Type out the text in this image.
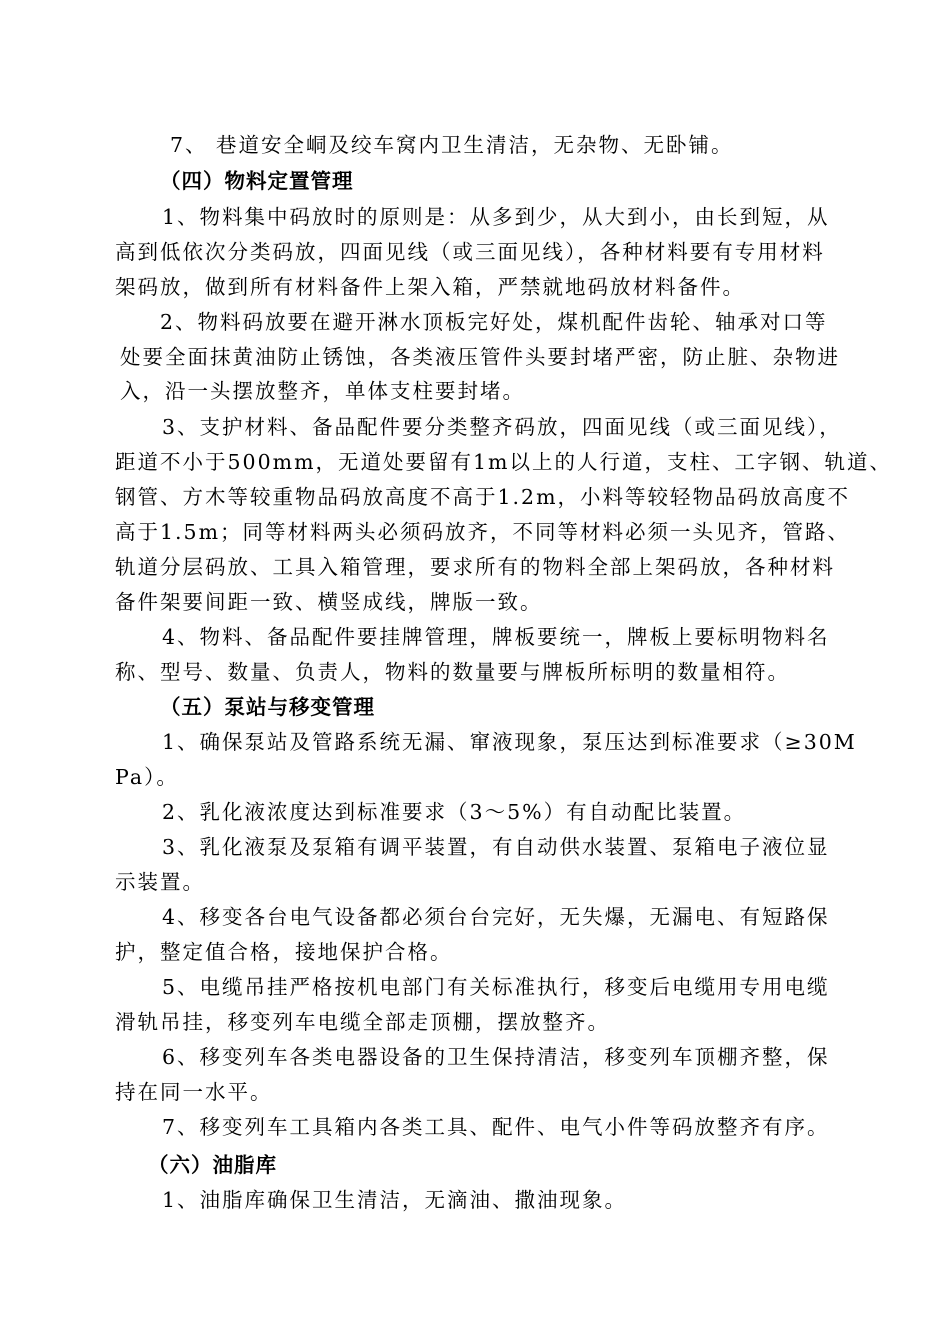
7、 巷道安全峒及绞车窝内卫生清洁，无杂物、无卧铺。
（四）物料定置管理
1、物料集中码放时的原则是：从多到少，从大到小，由长到短，从
高到低依次分类码放，四面见线（或三面见线），各种材料要有专用材料
架码放，做到所有材料备件上架入箱，严禁就地码放材料备件。
2、物料码放要在避开淋水顶板完好处，煤机配件齿轮、轴承对口等
处要全面抹黄油防止锈蚀，各类液压管件头要封堵严密，防止脏、杂物进
入，沿一头摆放整齐，单体支柱要封堵。
3、支护材料、备品配件要分类整齐码放，四面见线（或三面见线），
距道不小于500mm，无道处要留有1m以上的人行道，支柱、工字钢、轨道、
钢管、方木等较重物品码放高度不高于1.2m，小料等较轻物品码放高度不
高于1.5m；同等材料两头必须码放齐，不同等材料必须一头见齐，管路、
轨道分层码放、工具入箱管理，要求所有的物料全部上架码放，各种材料
备件架要间距一致、横竖成线，牌版一致。
4、物料、备品配件要挂牌管理，牌板要统一，牌板上要标明物料名
称、型号、数量、负责人，物料的数量要与牌板所标明的数量相符。
（五）泵站与移变管理
1、确保泵站及管路系统无漏、窜液现象，泵压达到标准要求（≥30M
Pa）。
2、乳化液浓度达到标准要求（3～5%）有自动配比装置。
3、乳化液泵及泵箱有调平装置，有自动供水装置、泵箱电子液位显
示装置。
4、移变各台电气设备都必须台台完好，无失爆，无漏电、有短路保
护，整定值合格，接地保护合格。
5、电缆吊挂严格按机电部门有关标准执行，移变后电缆用专用电缆
滑轨吊挂，移变列车电缆全部走顶棚，摆放整齐。
6、移变列车各类电器设备的卫生保持清洁，移变列车顶棚齐整，保
持在同一水平。
7、移变列车工具箱内各类工具、配件、电气小件等码放整齐有序。
（六）油脂库
1、油脂库确保卫生清洁，无滴油、撒油现象。
